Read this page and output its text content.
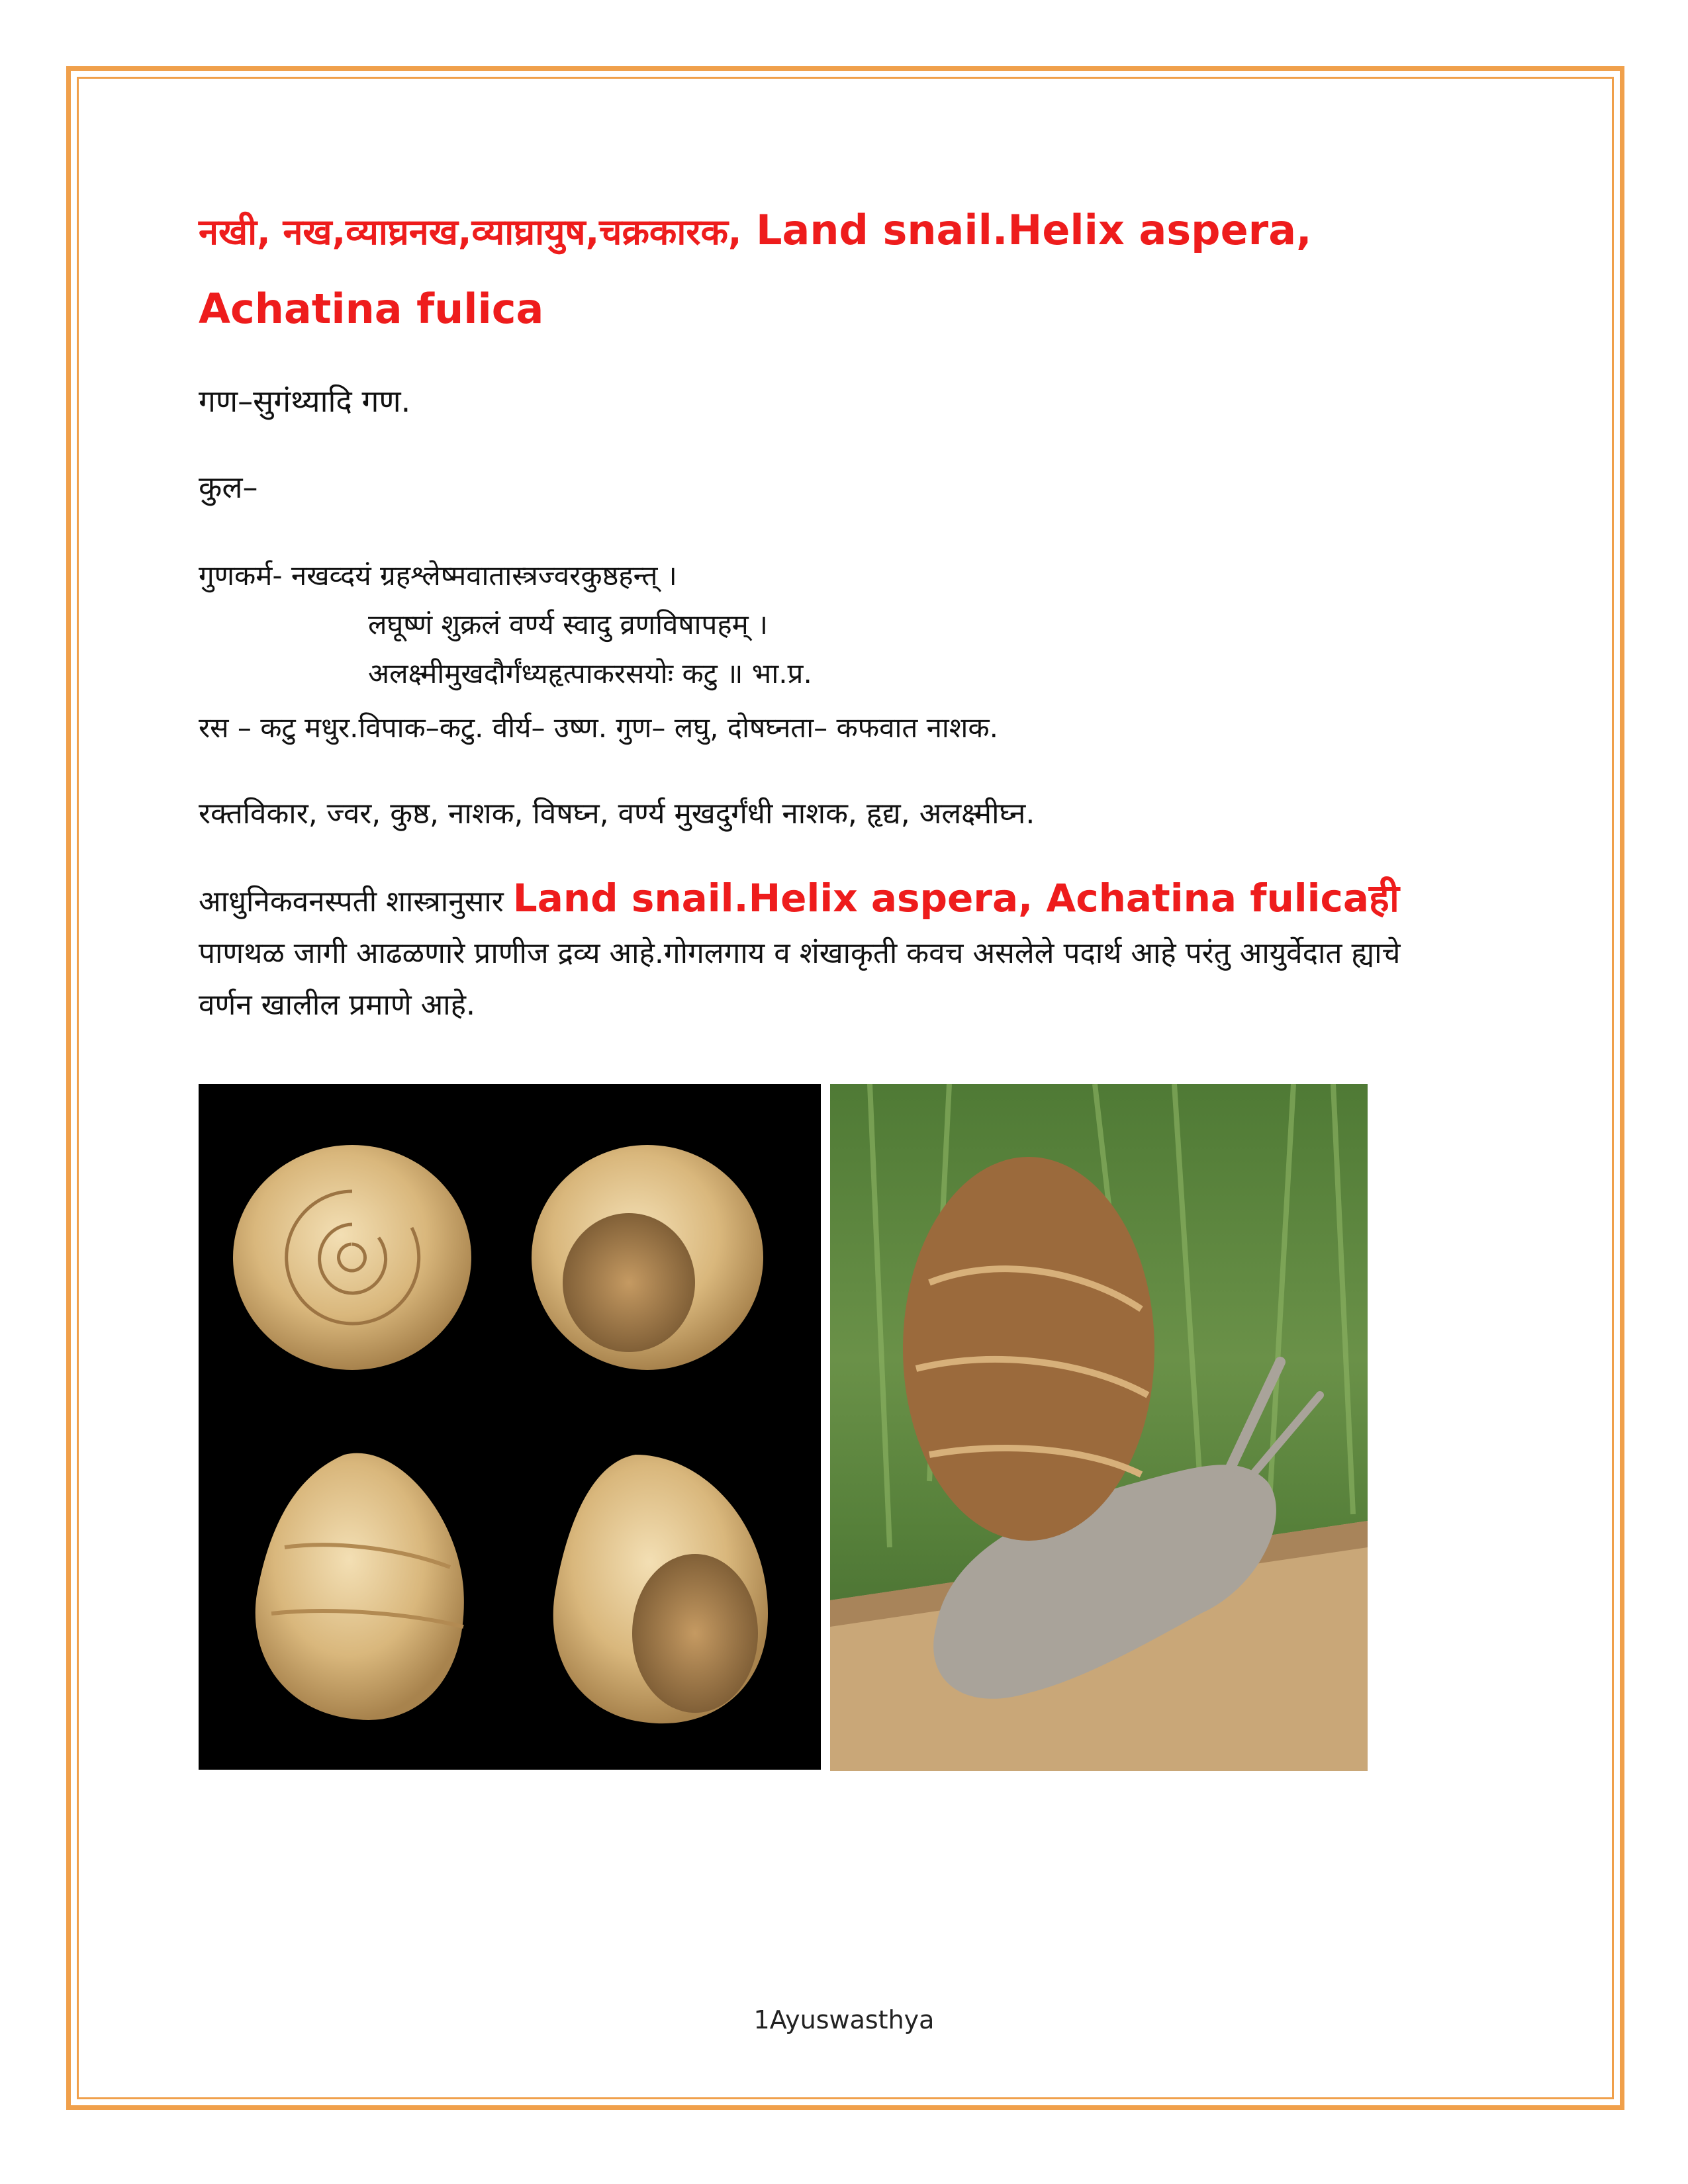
नखी, नख,व्याघ्रनख,व्याघ्रायुष,चक्रकारक, Land snail.Helix aspera, Achatina fulica

गण–सुगंथ्यादि गण.
कुल–
गुणकर्म- नखव्दयं ग्रहश्लेष्मवातास्त्रज्वरकुष्ठहन्त् ।
लघूष्णं शुक्रलं वर्ण्य स्वादु व्रणविषापहम् ।
अलक्ष्मीमुखदौर्गंध्यहृत्पाकरसयोः कटु ॥ भा.प्र.
रस – कटु मधुर.विपाक–कटु. वीर्य– उष्ण. गुण– लघु, दोषघ्नता– कफवात नाशक.
रक्तविकार, ज्वर, कुष्ठ, नाशक, विषघ्न, वर्ण्य मुखदुर्गंधी नाशक, हृद्य, अलक्ष्मीघ्न.

आधुनिकवनस्पती शास्त्रानुसार Land snail.Helix aspera, Achatina fulicaही पाणथळ जागी आढळणारे प्राणीज द्रव्य आहे.गोगलगाय व शंखाकृती कवच असलेले पदार्थ आहे परंतु आयुर्वेदात ह्याचे वर्णन खालील प्रमाणे आहे.

1Ayuswasthya
